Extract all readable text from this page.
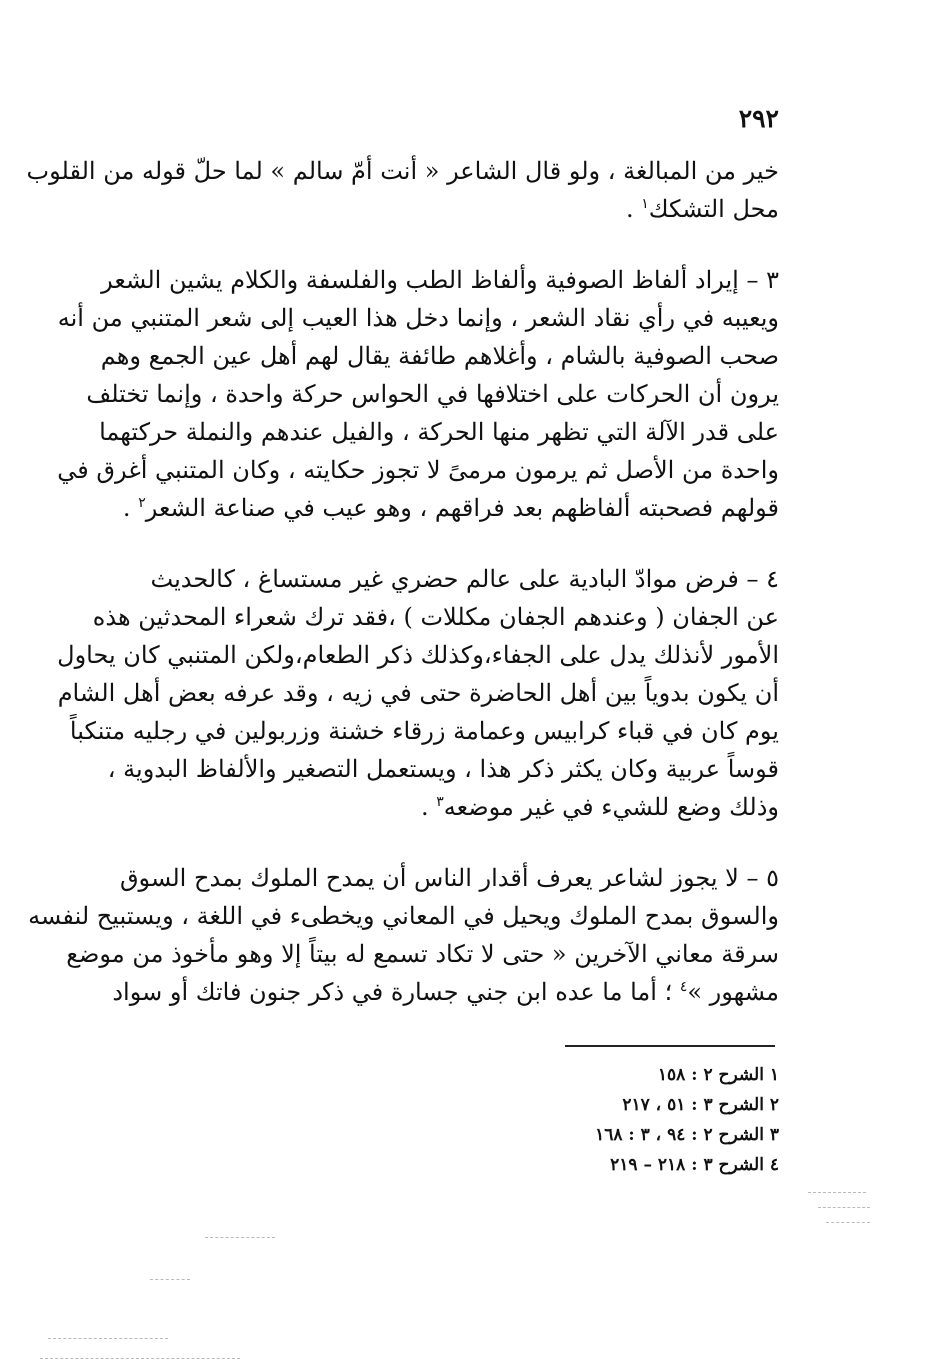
٢٩٢
خير من المبالغة ، ولو قال الشاعر « أنت أمّ سالم » لما حلّ قوله من القلوب
محل التشكك$^١$ .
٣ – إيراد ألفاظ الصوفية وألفاظ الطب والفلسفة والكلام يشين الشعر
ويعيبه في رأي نقاد الشعر ، وإنما دخل هذا العيب إلى شعر المتنبي من أنه
صحب الصوفية بالشام ، وأغلاهم طائفة يقال لهم أهل عين الجمع وهم
يرون أن الحركات على اختلافها في الحواس حركة واحدة ، وإنما تختلف
على قدر الآلة التي تظهر منها الحركة ، والفيل عندهم والنملة حركتهما
واحدة من الأصل ثم يرمون مرمىً لا تجوز حكايته ، وكان المتنبي أغرق في
قولهم فصحبته ألفاظهم بعد فراقهم ، وهو عيب في صناعة الشعر$^٢$ .
٤ – فرض موادّ البادية على عالم حضري غير مستساغ ، كالحديث
عن الجفان ( وعندهم الجفان مكللات ) ،فقد ترك شعراء المحدثين هذه
الأمور لأنذلك يدل على الجفاء،وكذلك ذكر الطعام،ولكن المتنبي كان يحاول
أن يكون بدوياً بين أهل الحاضرة حتى في زيه ، وقد عرفه بعض أهل الشام
يوم كان في قباء كرابيس وعمامة زرقاء خشنة وزربولين في رجليه متنكباً
قوساً عربية وكان يكثر ذكر هذا ، ويستعمل التصغير والألفاظ البدوية ،
وذلك وضع للشيء في غير موضعه$^٣$ .
٥ – لا يجوز لشاعر يعرف أقدار الناس أن يمدح الملوك بمدح السوق
والسوق بمدح الملوك ويحيل في المعاني ويخطىء في اللغة ، ويستبيح لنفسه
سرقة معاني الآخرين « حتى لا تكاد تسمع له بيتاً إلا وهو مأخوذ من موضع
مشهور »$^٤$ ؛ أما ما عده ابن جني جسارة في ذكر جنون فاتك أو سواد
١ الشرح ٢ : ١٥٨
٢ الشرح ٣ : ٥١ ، ٢١٧
٣ الشرح ٢ : ٩٤ ، ٣ : ١٦٨
٤ الشرح ٣ : ٢١٨ – ٢١٩
